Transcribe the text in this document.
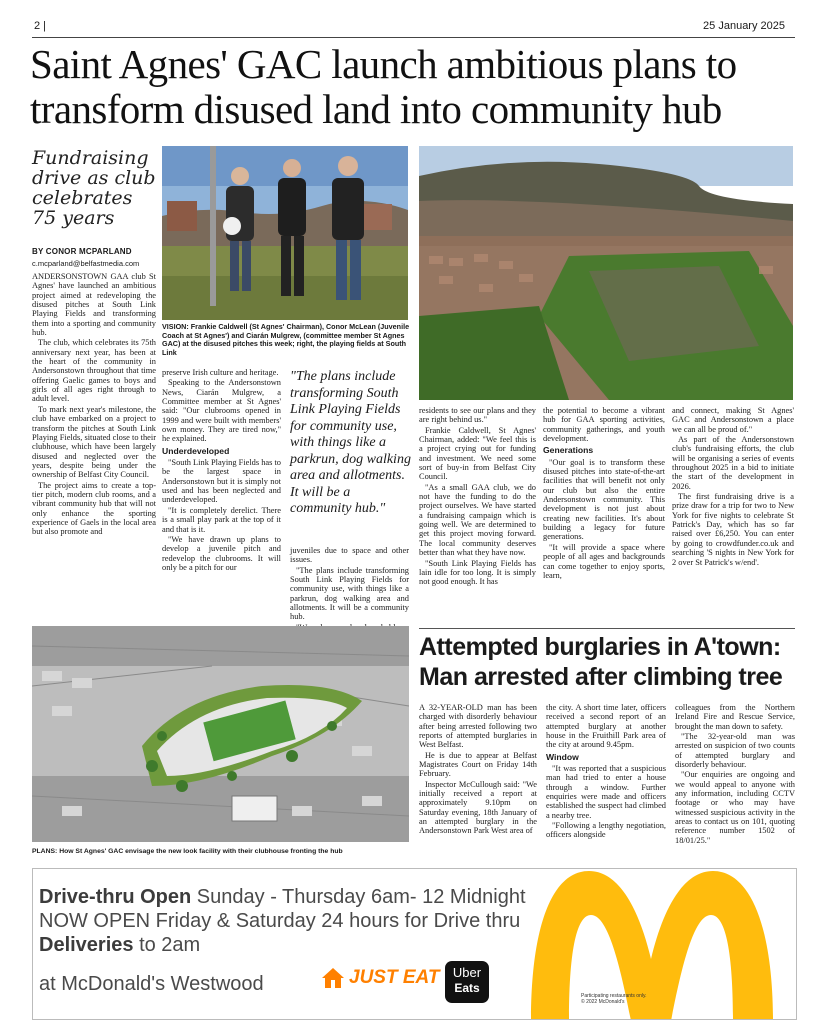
2 |	25 January 2025
Saint Agnes' GAC launch ambitious plans to transform disused land into community hub
Fundraising drive as club celebrates 75 years
BY CONOR MCPARLAND
c.mcparland@belfastmedia.com

ANDERSONSTOWN GAA club St Agnes' have launched an ambitious project aimed at redeveloping the disused pitches at South Link Playing Fields and transforming them into a sporting and community hub.

The club, which celebrates its 75th anniversary next year, has been at the heart of the community in Andersonstown throughout that time offering Gaelic games to boys and girls of all ages right through to adult level.

To mark next year's milestone, the club have embarked on a project to transform the pitches at South Link Playing Fields, situated close to their clubhouse, which have been largely disused and neglected over the years, despite being under the ownership of Belfast City Council.

The project aims to create a top-tier pitch, modern club rooms, and a vibrant community hub that will not only enhance the sporting experience of Gaels in the local area but also promote and

VISION: Frankie Caldwell (St Agnes' Chairman), Conor McLean (Juvenile Coach at St Agnes') and Ciarán Mulgrew, (committee member St Agnes GAC) at the disused pitches this week; right, the playing fields at South Link

preserve Irish culture and heritage.

Speaking to the Andersonstown News, Ciarán Mulgrew, a Committee member at St Agnes' said: "Our clubrooms opened in 1999 and were built with members' own money. They are tired now," he explained.

Underdeveloped

"South Link Playing Fields has to be the largest space in Andersonstown but it is simply not used and has been neglected and underdeveloped.

"It is completely derelict. There is a small play park at the top of it and that is it.

"We have drawn up plans to develop a juvenile pitch and redevelop the clubrooms. It will only be a pitch for our

"The plans include transforming South Link Playing Fields for community use, with things like a parkrun, dog walking area and allotments. It will be a community hub."

juveniles due to space and other issues.

"The plans include transforming South Link Playing Fields for community use, with things like a parkrun, dog walking area and allotments. It will be a community hub.

residents to see our plans and they are right behind us."

Frankie Caldwell, St Agnes' Chairman, added: "We feel this is a project crying out for funding and investment. We need some sort of buy-in from Belfast City Council.

"As a small GAA club, we do not have the funding to do the project ourselves. We have started a fundraising campaign which is going well. We are determined to get this project moving forward. The local community deserves better than what they have now.

"South Link Playing Fields has lain idle for too long. It is simply not good enough. It has

the potential to become a vibrant hub for GAA sporting activities, community gatherings, and youth development.

Generations

"Our goal is to transform these disused pitches into state-of-the-art facilities that will benefit not only our club but also the entire Andersonstown community. This development is not just about creating new facilities. It's about building a legacy for future generations.

"It will provide a space where people of all ages and backgrounds can come together to enjoy sports, learn,

and connect, making St Agnes' GAC and Andersonstown a place we can all be proud of."

As part of the Andersonstown club's fundraising efforts, the club will be organising a series of events throughout 2025 in a bid to initiate the start of the development in 2026.

The first fundraising drive is a prize draw for a trip for two to New York for five nights to celebrate St Patrick's Day, which has so far raised over £6,250. You can enter by going to crowdfunder.co.uk and searching 'S nights in New York for 2 over St Patrick's w/end'.

PLANS: How St Agnes' GAC envisage the new look facility with their clubhouse fronting the hub
Attempted burglaries in A'town: Man arrested after climbing tree

A 32-YEAR-OLD man has been charged with disorderly behaviour after being arrested following two reports of attempted burglaries in West Belfast.

He is due to appear at Belfast Magistrates Court on Friday 14th February.

Inspector McCullough said: "We initially received a report at approximately 9.10pm on Saturday evening, 18th January of an attempted burglary in the Andersonstown Park West area of

the city. A short time later, officers received a second report of an attempted burglary at another house in the Fruithill Park area of the city at around 9.45pm.

Window

"It was reported that a suspicious man had tried to enter a house through a window. Further enquiries were made and officers established the suspect had climbed a nearby tree.

"Following a lengthy negotiation, officers alongside

colleagues from the Northern Ireland Fire and Rescue Service, brought the man down to safety.

"The 32-year-old man was arrested on suspicion of two counts of attempted burglary and disorderly behaviour.

"Our enquiries are ongoing and we would appeal to anyone with any information, including CCTV footage or who may have witnessed suspicious activity in the areas to contact us on 101, quoting reference number 1502 of 18/01/25."

Drive-thru Open Sunday - Thursday 6am- 12 Midnight
NOW OPEN Friday & Saturday 24 hours for Drive thru
Deliveries to 2am
at McDonald's Westwood	JUST EAT	Uber
Eats
Participating restaurants only.
© 2022 McDonald's
